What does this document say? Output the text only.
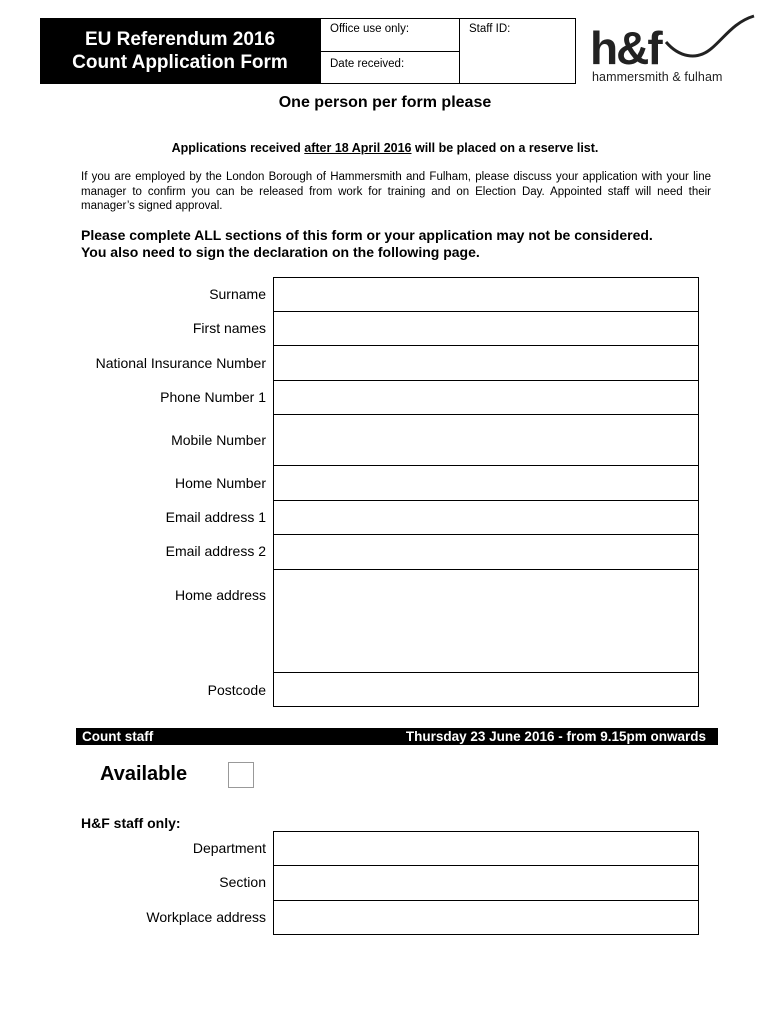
EU Referendum 2016
Count Application Form
Office use only:
Date received:
Staff ID:	h&f
hammersmith & fulham
One person per form please
Applications received after 18 April 2016 will be placed on a reserve list.
If you are employed by the London Borough of Hammersmith and Fulham, please discuss your application with your line manager to confirm you can be released from work for training and on Election Day. Appointed staff will need their manager’s signed approval.
Please complete ALL sections of this form or your application may not be considered. You also need to sign the declaration on the following page.
Surname
First names
National Insurance Number
Phone Number 1
Mobile Number
Home Number
Email address 1
Email address 2
Home address
Postcode
Count staff	Thursday 23 June 2016 - from 9.15pm onwards
Available
H&F staff only:
Department
Section
Workplace address
